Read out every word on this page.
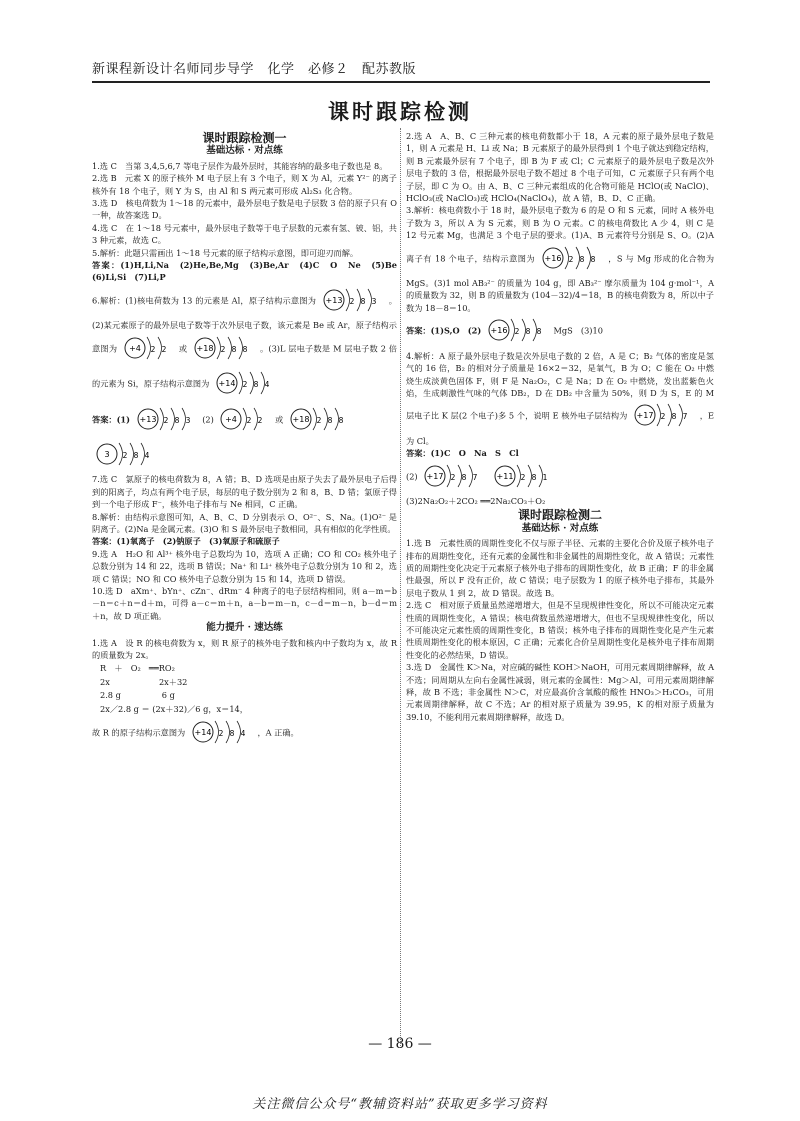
新课程新设计名师同步导学　化学　必修２　配苏教版
课时跟踪检测
课时跟踪检测一
基础达标 · 对点练

1.选 C　当第 3,4,5,6,7 等电子层作为最外层时，其能容纳的最多电子数也是 8。

2.选 B　元素 X 的原子核外 M 电子层上有 3 个电子，则 X 为 Al，元素 Y²⁻ 的离子核外有 18 个电子，则 Y 为 S，由 Al 和 S 两元素可形成 Al₂S₃ 化合物。

3.选 D　核电荷数为 1～18 的元素中，最外层电子数是电子层数 3 倍的原子只有 O 一种，故答案选 D。

4.选 C　在 1～18 号元素中，最外层电子数等于电子层数的元素有氢、铍、铝，共 3 种元素，故选 C。

5.解析：此题只需画出 1～18 号元素的原子结构示意图，即可迎刃而解。

答案：(1)H,Li,Na　(2)He,Be,Mg　(3)Be,Ar　(4)C　O　Ne　(5)Be　(6)Li,Si　(7)Li,P

6.解析：(1)核电荷数为 13 的元素是 Al，原子结构示意图为 +13 2 8 3 。(2)某元素原子的最外层电子数等于次外层电子数，该元素是 Be 或 Ar，原子结构示意图为 +4 2 2 或 +18 2 8 8 。(3)L 层电子数是 M 层电子数 2 倍的元素为 Si，原子结构示意图为 +14 2 8 4

答案：(1) +13 2 8 3 (2) +4 2 2 或 +18 2 8 8

3 2 8 4

7.选 C　氯原子的核电荷数为 8，A 错；B、D 选项是由原子失去了最外层电子后得到的阳离子，均点有两个电子层，每层的电子数分别为 2 和 8，B、D 错；氯原子得到一个电子形成 F⁻，核外电子排布与 Ne 相同，C 正确。

8.解析：由结构示意图可知，A、B、C、D 分别表示 O、O²⁻、S、Na。(1)O²⁻ 是阴离子。(2)Na 是金属元素。(3)O 和 S 最外层电子数相同，具有相似的化学性质。

答案：(1)氧离子　(2)钠原子　(3)氧原子和硫原子

9.选 A　H₂O 和 Al³⁺ 核外电子总数均为 10，选项 A 正确；CO 和 CO₂ 核外电子总数分别为 14 和 22，选项 B 错误；Na⁺ 和 Li⁺ 核外电子总数分别为 10 和 2，选项 C 错误；NO 和 CO 核外电子总数分别为 15 和 14，选项 D 错误。

10.选 D　aXm⁺、bYn⁺、cZn⁻、dRm⁻ 4 种离子的电子层结构相同，则 a－m＝b－n＝c＋n＝d＋m，可得 a－c＝m＋n，a－b＝m－n，c－d＝m－n，b－d＝m＋n，故 D 项正确。

能力提升 · 速达练

1.选 A　设 R 的核电荷数为 x，则 R 原子的核外电子数和核内中子数均为 x，故 R 的质量数为 2x。

R　＋　O₂　══RO₂
2x　　　　　　2x＋32
2.8 g　　　　　6 g
2x／2.8 g ＝ (2x＋32)／6 g，x＝14，

故 R 的原子结构示意图为 +14 2 8 4 ，A 正确。

2.选 A　A、B、C 三种元素的核电荷数都小于 18，A 元素的原子最外层电子数是 1，则 A 元素是 H、Li 或 Na；B 元素原子的最外层得到 1 个电子就达到稳定结构，则 B 元素最外层有 7 个电子，即 B 为 F 或 Cl；C 元素原子的最外层电子数是次外层电子数的 3 倍，根据最外层电子数不超过 8 个电子可知，C 元素原子只有两个电子层，即 C 为 O。由 A、B、C 三种元素组成的化合物可能是 HClO(或 NaClO)、HClO₃(或 NaClO₃)或 HClO₄(NaClO₄)，故 A 错，B、D、C 正确。

3.解析：核电荷数小于 18 时，最外层电子数为 6 的是 O 和 S 元素，同时 A 核外电子数为 3，所以 A 为 S 元素，则 B 为 O 元素。C 的核电荷数比 A 少 4，则 C 是 12 号元素 Mg，也满足 3 个电子层的要求。(1)A、B 元素符号分别是 S、O。(2)A 离子有 18 个电子，结构示意图为 +16 2 8 8 ，S 与 Mg 形成的化合物为 MgS。(3)1 mol AB₃²⁻ 的质量为 104 g，即 AB₃²⁻ 摩尔质量为 104 g·mol⁻¹，A 的质量数为 32，则 B 的质量数为 (104－32)/4＝18，B 的核电荷数为 8，所以中子数为 18－8＝10。

答案：(1)S,O　(2) +16 2 8 8 MgS　(3)10

4.解析：A 原子最外层电子数是次外层电子数的 2 倍，A 是 C；B₂ 气体的密度是氢气的 16 倍，B₂ 的相对分子质量是 16×2＝32，是氧气，B 为 O；C 能在 O₂ 中燃烧生成淡黄色固体 F，则 F 是 Na₂O₂，C 是 Na；D 在 O₂ 中燃烧，发出蓝紫色火焰，生成刺激性气味的气体 DB₂，D 在 DB₂ 中含量为 50%，则 D 为 S，E 的 M 层电子比 K 层(2 个电子)多 5 个，说明 E 核外电子层结构为 +17 2 8 7 ，E 为 Cl。

答案：(1)C　O　Na　S　Cl

(2) +17 2 8 7
+11 2 8 1

(3)2Na₂O₂＋2CO₂ ══2Na₂CO₃＋O₂

课时跟踪检测二
基础达标 · 对点练

1.选 B　元素性质的周期性变化不仅与原子半径、元素的主要化合价及原子核外电子排布的周期性变化，还有元素的金属性和非金属性的周期性变化，故 A 错误；元素性质的周期性变化决定于元素原子核外电子排布的周期性变化，故 B 正确；F 的非金属性最强，所以 F 没有正价，故 C 错误；电子层数为 1 的原子核外电子排布，其最外层电子数从 1 到 2，故 D 错误。故选 B。

2.选 C　相对原子质量虽然递增增大，但是不呈现规律性变化，所以不可能决定元素性质的周期性变化，A 错误；核电荷数虽然递增增大，但也不呈现规律性变化，所以不可能决定元素性质的周期性变化，B 错误；核外电子排布的周期性变化是产生元素性质周期性变化的根本原因，C 正确；元素化合价呈周期性变化是核外电子排布周期性变化的必然结果，D 错误。

3.选 D　金属性 K＞Na，对应碱的碱性 KOH＞NaOH，可用元素周期律解释，故 A 不选；同周期从左向右金属性减弱，则元素的金属性：Mg＞Al，可用元素周期律解释，故 B 不选；非金属性 N＞C，对应最高价含氧酸的酸性 HNO₃＞H₂CO₃，可用元素周期律解释，故 C 不选；Ar 的相对原子质量为 39.95，K 的相对原子质量为 39.10，不能利用元素周期律解释，故选 D。

— 186 —
关注微信公众号“教辅资料站”获取更多学习资料
